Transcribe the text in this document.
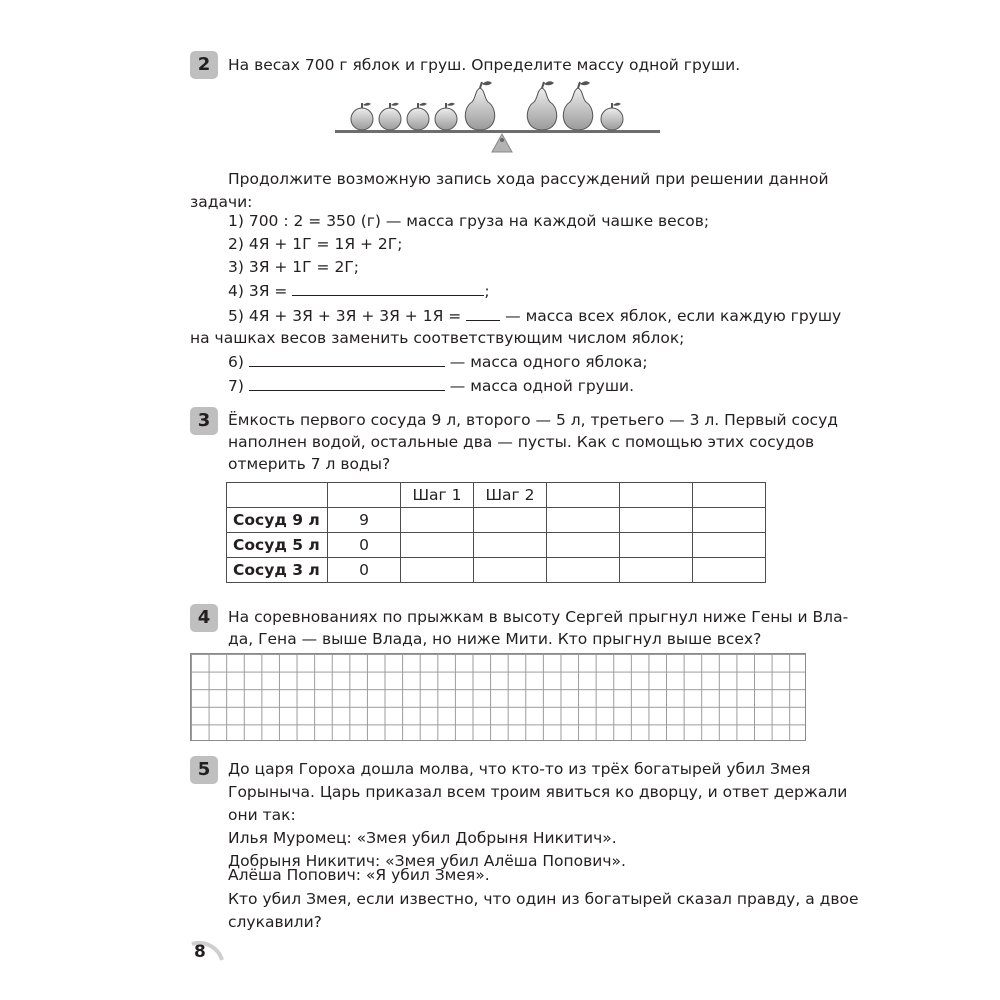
2	На весах 700 г яблок и груш. Определите массу одной груши.
Продолжите возможную запись хода рассуждений при решении данной
задачи:
1) 700 : 2 = 350 (г) — масса груза на каждой чашке весов;
2) 4Я + 1Г = 1Я + 2Г;
3) 3Я + 1Г = 2Г;
4) 3Я =	;
5) 4Я + 3Я + 3Я + 3Я + 1Я =	— масса всех яблок, если каждую грушу
на чашках весов заменить соответствующим числом яблок;
6)	— масса одного яблока;
7)	— масса одной груши.
3	Ёмкость первого сосуда 9 л, второго — 5 л, третьего — 3 л. Первый сосуд
наполнен водой, остальные два — пусты. Как с помощью этих сосудов
отмерить 7 л воды?
		Шаг 1	Шаг 2			
Сосуд 9 л	9					
Сосуд 5 л	0					
Сосуд 3 л	0					
4	На соревнованиях по прыжкам в высоту Сергей прыгнул ниже Гены и Вла-
да, Гена — выше Влада, но ниже Мити. Кто прыгнул выше всех?
5	До царя Гороха дошла молва, что кто-то из трёх богатырей убил Змея
Горыныча. Царь приказал всем троим явиться ко дворцу, и ответ держали
они так:
Илья Муромец: «Змея убил Добрыня Никитич».
Добрыня Никитич: «Змея убил Алёша Попович».
Алёша Попович: «Я убил Змея».
Кто убил Змея, если известно, что один из богатырей сказал правду, а двое
слукавили?
8
